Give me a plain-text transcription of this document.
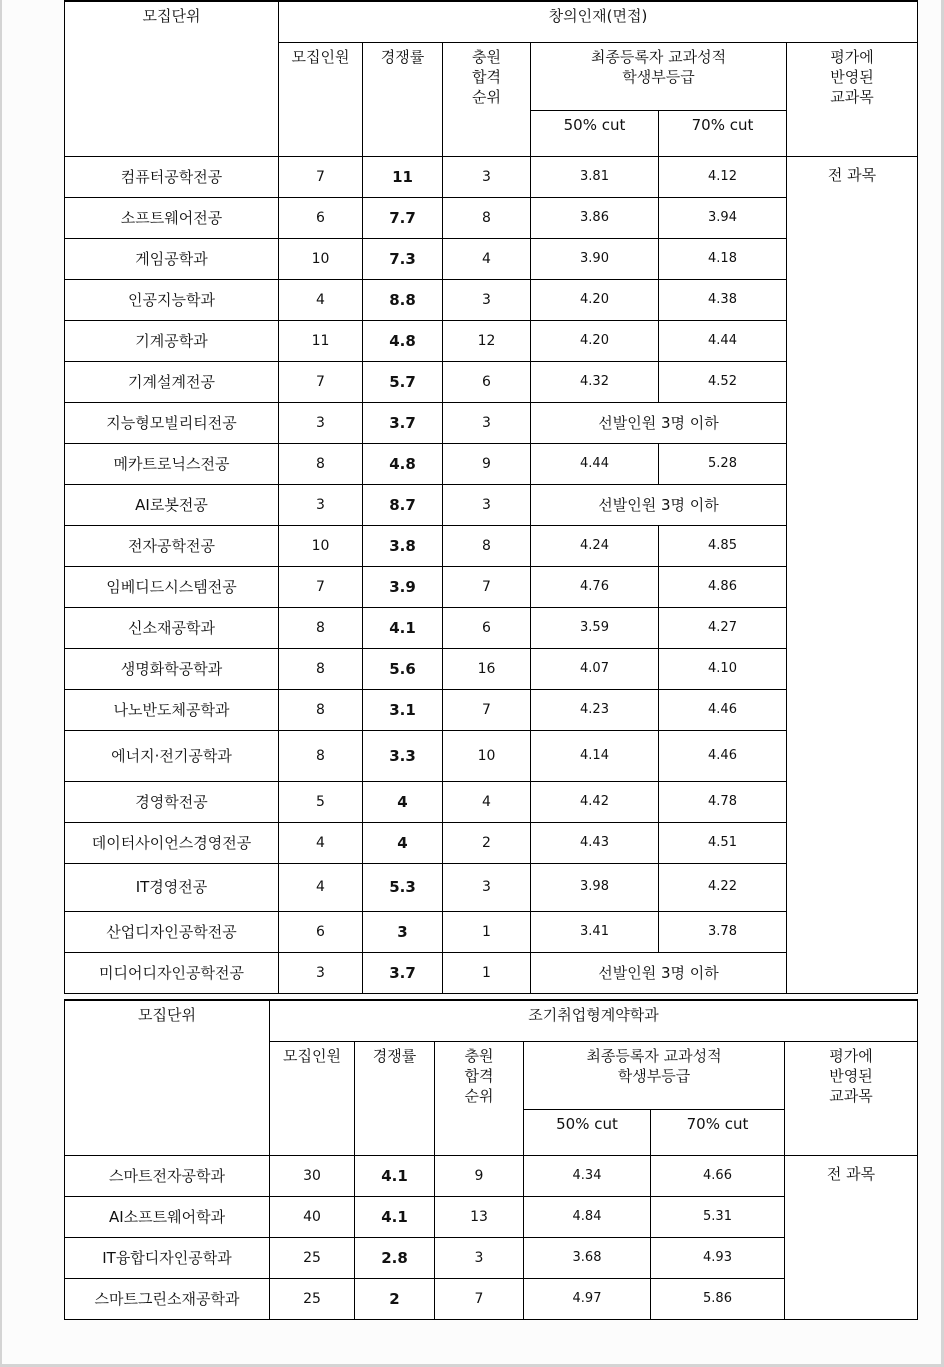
모집단위	창의인재(면접)					
	모집인원	경쟁률	충원
합격
순위	최종등록자 교과성적
학생부등급		평가에
반영된
교과목

				50% cut	70% cut	
컴퓨터공학전공	7	11	3	3.81	4.12	전 과목
소프트웨어전공	6	7.7	8	3.86	3.94	
게임공학과	10	7.3	4	3.90	4.18	
인공지능학과	4	8.8	3	4.20	4.38	
기계공학과	11	4.8	12	4.20	4.44	
기계설계전공	7	5.7	6	4.32	4.52	
지능형모빌리티전공	3	3.7	3	선발인원 3명 이하		
메카트로닉스전공	8	4.8	9	4.44	5.28	
AI로봇전공	3	8.7	3	선발인원 3명 이하		
전자공학전공	10	3.8	8	4.24	4.85	
임베디드시스템전공	7	3.9	7	4.76	4.86	
신소재공학과	8	4.1	6	3.59	4.27	
생명화학공학과	8	5.6	16	4.07	4.10	
나노반도체공학과	8	3.1	7	4.23	4.46	
에너지·전기공학과	8	3.3	10	4.14	4.46	
경영학전공	5	4	4	4.42	4.78	
데이터사이언스경영전공	4	4	2	4.43	4.51	
IT경영전공	4	5.3	3	3.98	4.22	
산업디자인공학전공	6	3	1	3.41	3.78	
미디어디자인공학전공	3	3.7	1	선발인원 3명 이하		
모집단위	조기취업형계약학과					
	모집인원	경쟁률	충원
합격
순위	최종등록자 교과성적
학생부등급		평가에
반영된
교과목

				50% cut	70% cut	
스마트전자공학과	30	4.1	9	4.34	4.66	전 과목
AI소프트웨어학과	40	4.1	13	4.84	5.31	
IT융합디자인공학과	25	2.8	3	3.68	4.93	
스마트그린소재공학과	25	2	7	4.97	5.86	
